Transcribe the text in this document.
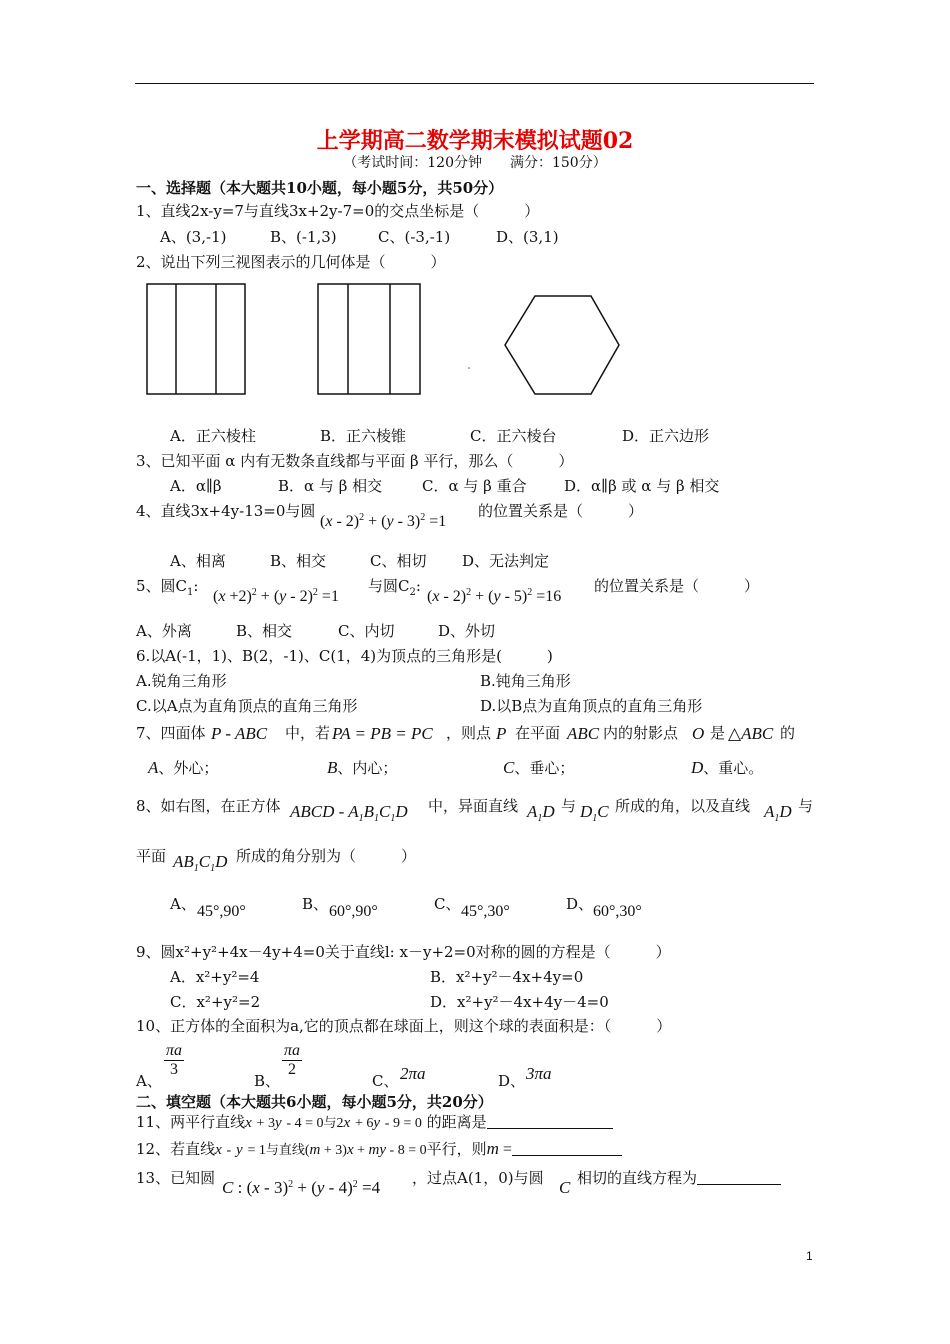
上学期高二数学期末模拟试题02
（考试时间：120分钟　　满分：150分）
一、选择题（本大题共10小题，每小题5分，共50分）
1、直线2x-y=7与直线3x+2y-7=0的交点坐标是（　　　）
A、(3,-1)	B、(-1,3)	C、(-3,-1)	D、(3,1)
2、说出下列三视图表示的几何体是（　　　）
A．正六棱柱	B．正六棱锥	C．正六棱台	D．正六边形
3、已知平面 α 内有无数条直线都与平面 β 平行，那么（　　　）
A．α∥β	B．α 与 β 相交	C．α 与 β 重合 D．α∥β 或 α 与 β 相交
4、直线3x+4y-13=0与圆
(x - 2)$^2$ + (y - 3)$^2$ =1
的位置关系是（　　　）
A、相离	B、相交	C、相切 D、无法判定
5、圆$C_1$:
$(x +2)^2 + (y - 2)^2 =1$
与圆$C_2$:
(x - 2)$^2$ + (y - 5)$^2$ =16
的位置关系是（　　　）
A、外离	B、相交	C、内切	D、外切
6.以A(-1，1)、B(2，-1)、C(1，4)为顶点的三角形是(　　　)
A.锐角三角形	B.钝角三角形
C.以A点为直角顶点的直角三角形	D.以B点为直角顶点的直角三角形
7、四面体 P - ABC 中，若 PA = PB = PC ，则点 P 在平面 ABC 内的射影点 O 是 △ABC 的
A、外心；	B、内心；	C、垂心；	D、重心。
8、如右图，在正方体 ABCD - $A_1B_1C_1D$ 中，异面直线 $A_1D$ 与 $D_1C$ 所成的角，以及直线 $A_1D$ 与
平面 $AB_1C_1D$ 所成的角分别为（　　　）
A、 45°,90°	B、 60°,90°	C、 45°,30°	D、 60°,30°
9、圆x²+y²+4x－4y+4=0关于直线l: x－y+2=0对称的圆的方程是（　　　）
A．x²+y²=4	B．x²+y²－4x+4y=0
C．x²+y²=2	D．x²+y²－4x+4y－4=0
10、正方体的全面积为a,它的顶点都在球面上，则这个球的表面积是：（　　　）
A、
πa
3
B、
πa
2
C、 2πa	D、 3πa
二、填空题（本大题共6小题，每小题5分，共20分）
11、两平行直线x + 3y - 4 = 0与2x + 6y - 9 = 0 的距离是
12、若直线x - y = 1与直线(m + 3)x + my - 8 = 0平行，则m =
13、已知圆 C : (x - 3)$^2$ + (y - 4)$^2$ =4 ，过点A(1，0)与圆 C 相切的直线方程为
1
